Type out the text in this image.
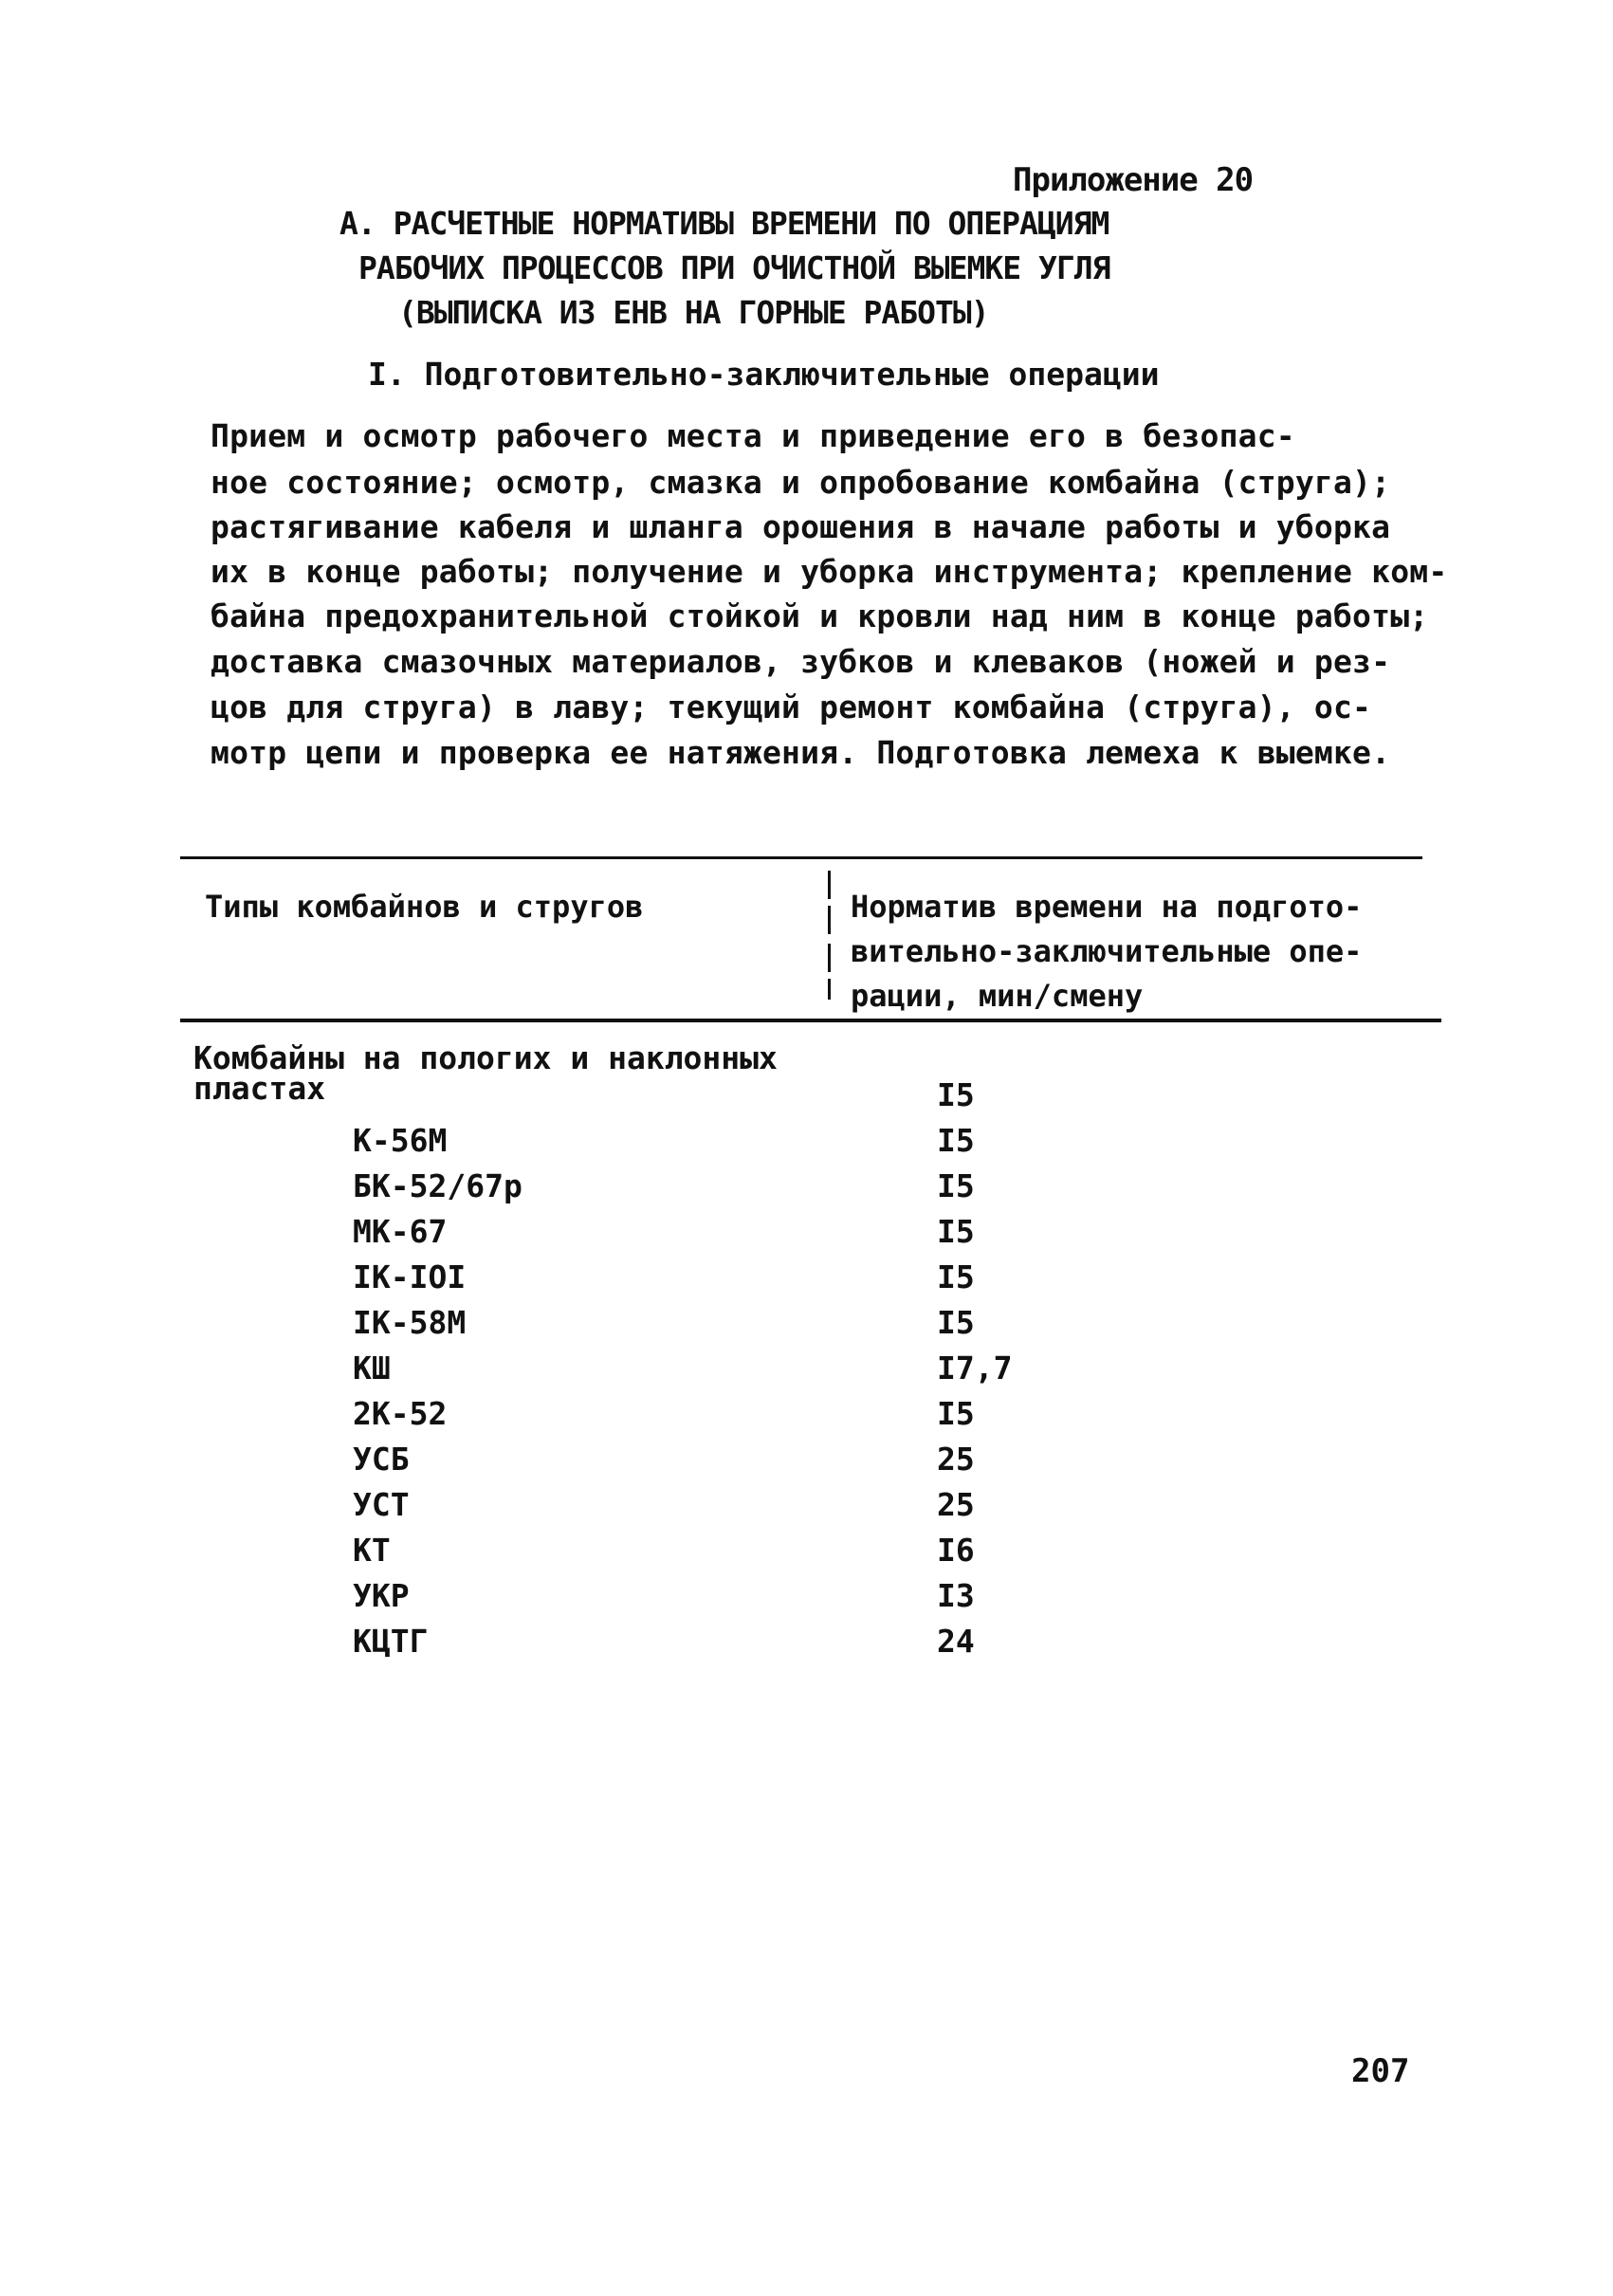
Приложение 20
А. РАСЧЕТНЫЕ НОРМАТИВЫ ВРЕМЕНИ ПО ОПЕРАЦИЯМ
РАБОЧИХ ПРОЦЕССОВ ПРИ ОЧИСТНОЙ ВЫЕМКЕ УГЛЯ
(ВЫПИСКА ИЗ ЕНВ НА ГОРНЫЕ РАБОТЫ)
I. Подготовительно-заключительные операции
Прием и осмотр рабочего места и приведение его в безопас-
ное состояние; осмотр, смазка и опробование комбайна (струга);
растягивание кабеля и шланга орошения в начале работы и уборка
их в конце работы; получение и уборка инструмента; крепление ком-
байна предохранительной стойкой и кровли над ним в конце работы;
доставка смазочных материалов, зубков и клеваков (ножей и рез-
цов для струга) в лаву; текущий ремонт комбайна (струга), ос-
мотр цепи и проверка ее натяжения. Подготовка лемеха к выемке.
Типы комбайнов и стругов	Норматив времени на подгото-
вительно-заключительные опе-
рации, мин/смену
Комбайны на пологих и наклонных
пластах	I5
К-56М	I5
БК-52/67р	I5
МК-67	I5
IK-IOI	I5
IK-58М	I5
КШ	I7,7
2К-52	I5
УСБ	25
УСТ	25
КТ	I6
УКР	I3
КЦТГ	24
207
